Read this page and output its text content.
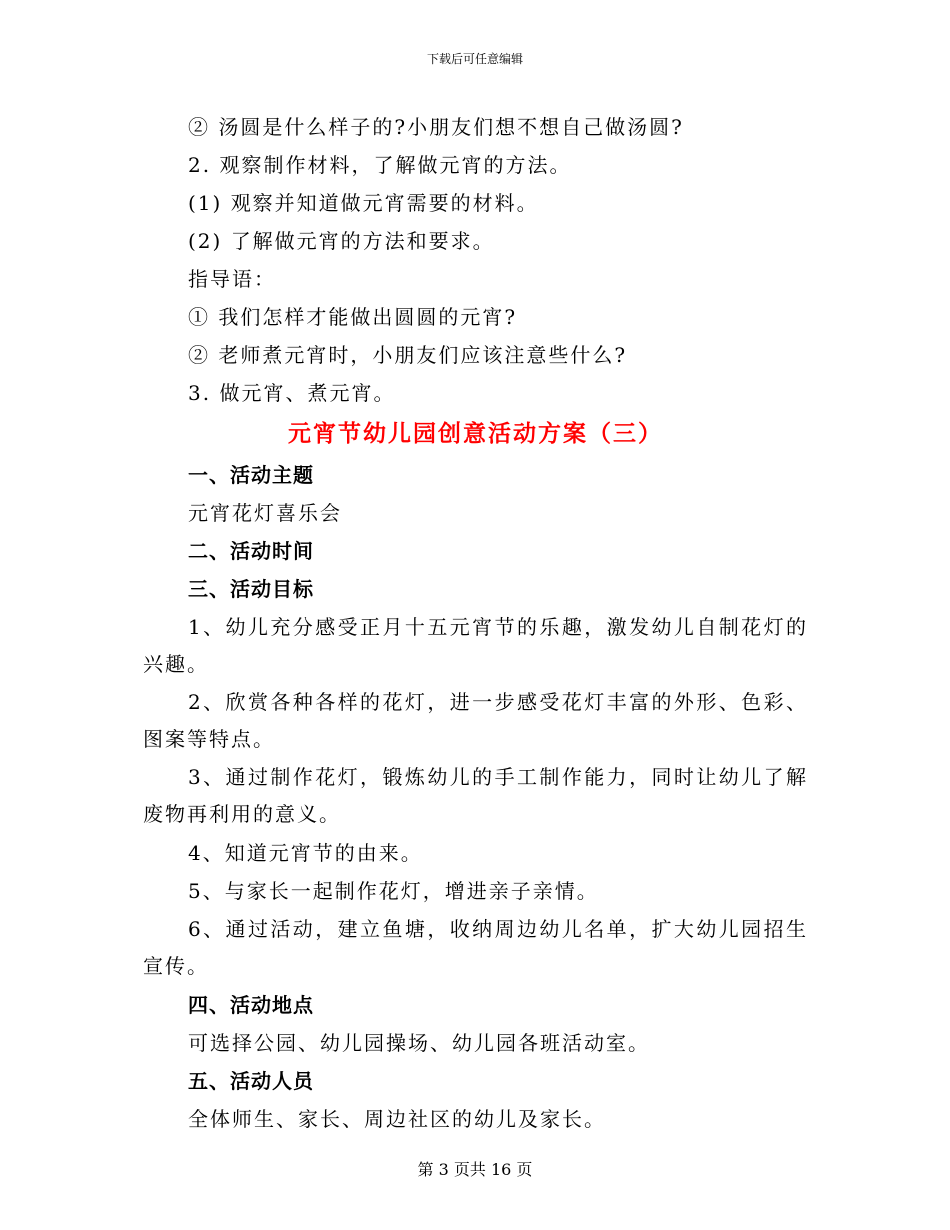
下载后可任意编辑

② 汤圆是什么样子的?小朋友们想不想自己做汤圆?

2. 观察制作材料，了解做元宵的方法。

(1) 观察并知道做元宵需要的材料。

(2) 了解做元宵的方法和要求。

指导语：

① 我们怎样才能做出圆圆的元宵?

② 老师煮元宵时，小朋友们应该注意些什么?

3. 做元宵、煮元宵。

元宵节幼儿园创意活动方案（三）

一、活动主题

元宵花灯喜乐会

二、活动时间

三、活动目标

1、幼儿充分感受正月十五元宵节的乐趣，激发幼儿自制花灯的兴趣。

2、欣赏各种各样的花灯，进一步感受花灯丰富的外形、色彩、图案等特点。

3、通过制作花灯，锻炼幼儿的手工制作能力，同时让幼儿了解废物再利用的意义。

4、知道元宵节的由来。

5、与家长一起制作花灯，增进亲子亲情。

6、通过活动，建立鱼塘，收纳周边幼儿名单，扩大幼儿园招生宣传。

四、活动地点

可选择公园、幼儿园操场、幼儿园各班活动室。

五、活动人员

全体师生、家长、周边社区的幼儿及家长。

第 3 页共 16 页
